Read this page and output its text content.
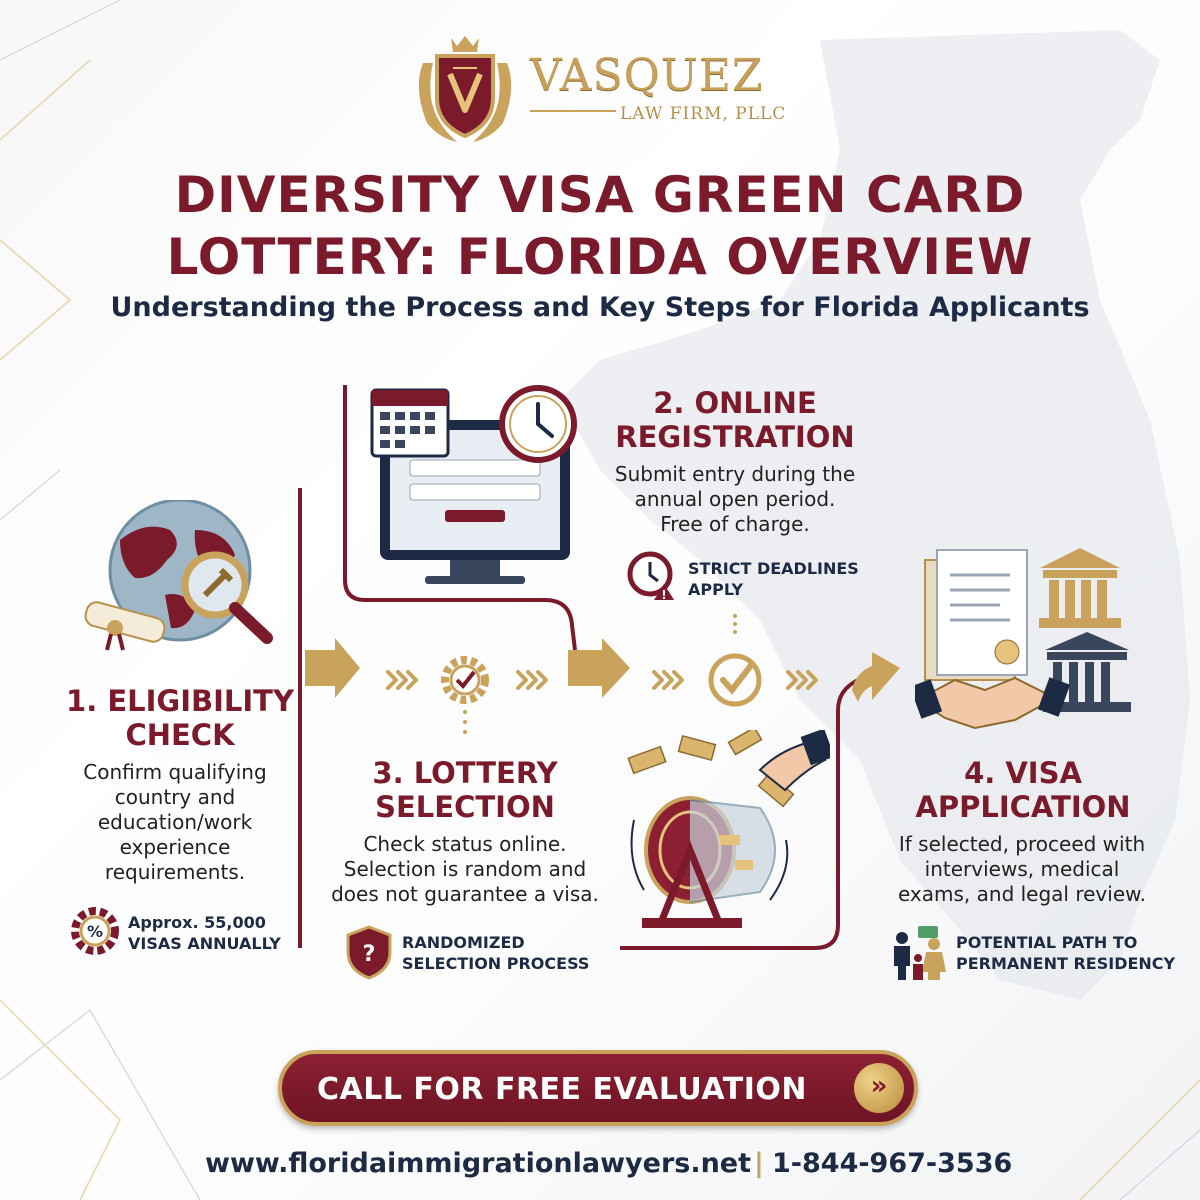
VASQUEZ
LAW FIRM, PLLC
DIVERSITY VISA GREEN CARD
LOTTERY: FLORIDA OVERVIEW
Understanding the Process and Key Steps for Florida Applicants
1. ELIGIBILITY CHECK
Confirm qualifying
country and
education/work
experience
requirements.
% Approx. 55,000
VISAS ANNUALLY
2. ONLINE
REGISTRATION
Submit entry during the
annual open period.
Free of charge.
!
STRICT DEADLINES
APPLY
3. LOTTERY
SELECTION
Check status online.
Selection is random and
does not guarantee a visa.
? RANDOMIZED
SELECTION PROCESS
4. VISA
APPLICATION
If selected, proceed with
interviews, medical
exams, and legal review.
POTENTIAL PATH TO
PERMANENT RESIDENCY
CALL FOR FREE EVALUATION	»
www.floridaimmigrationlawyers.net | 1-844-967-3536
